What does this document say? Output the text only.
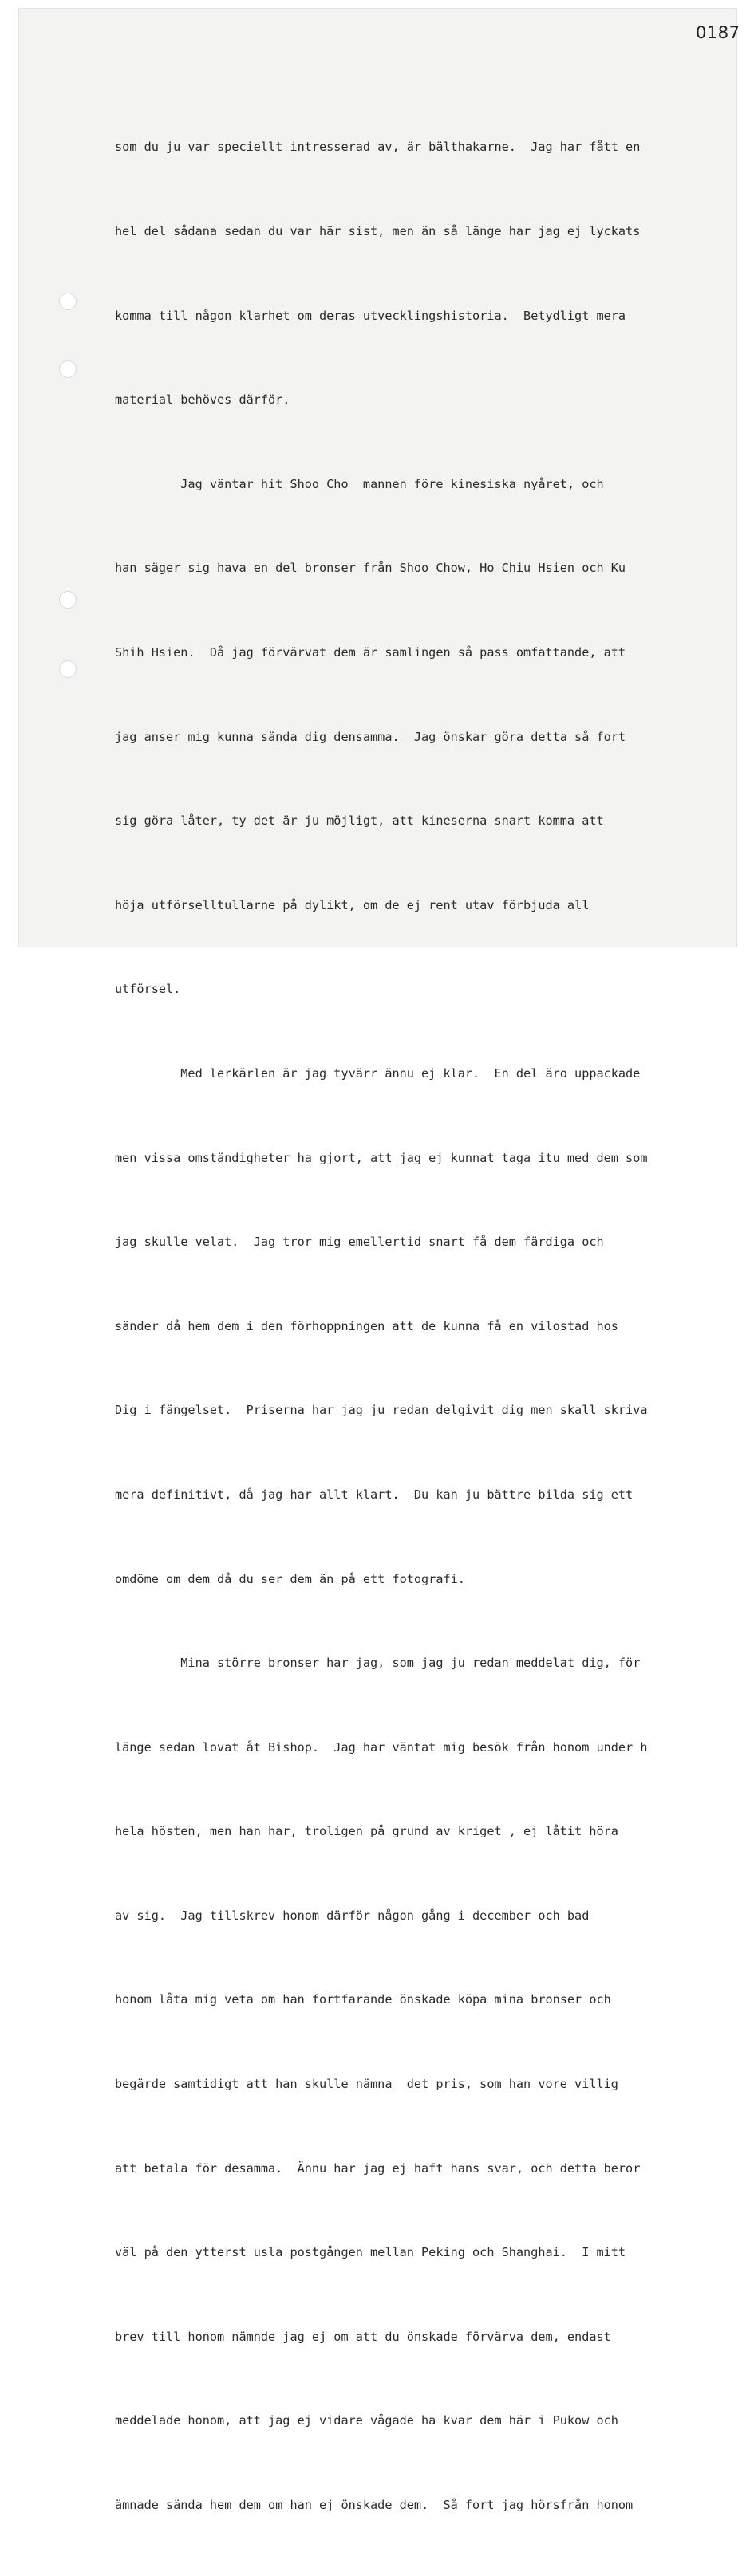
0187

som du ju var speciellt intresserad av, är bälthakarne.  Jag har fått en

hel del sådana sedan du var här sist, men än så länge har jag ej lyckats

komma till någon klarhet om deras utvecklingshistoria.  Betydligt mera

material behöves därför.

Jag väntar hit Shoo Cho  mannen före kinesiska nyåret, och

han säger sig hava en del bronser från Shoo Chow, Ho Chiu Hsien och Ku

Shih Hsien.  Då jag förvärvat dem är samlingen så pass omfattande, att

jag anser mig kunna sända dig densamma.  Jag önskar göra detta så fort

sig göra låter, ty det är ju möjligt, att kineserna snart komma att

höja utförselltullarne på dylikt, om de ej rent utav förbjuda all

utförsel.

Med lerkärlen är jag tyvärr ännu ej klar.  En del äro uppackade

men vissa omständigheter ha gjort, att jag ej kunnat taga itu med dem som

jag skulle velat.  Jag tror mig emellertid snart få dem färdiga och

sänder då hem dem i den förhoppningen att de kunna få en vilostad hos

Dig i fängelset.  Priserna har jag ju redan delgivit dig men skall skriva

mera definitivt, då jag har allt klart.  Du kan ju bättre bilda sig ett

omdöme om dem då du ser dem än på ett fotografi.

Mina större bronser har jag, som jag ju redan meddelat dig, för

länge sedan lovat åt Bishop.  Jag har väntat mig besök från honom under h

hela hösten, men han har, troligen på grund av kriget , ej låtit höra

av sig.  Jag tillskrev honom därför någon gång i december och bad

honom låta mig veta om han fortfarande önskade köpa mina bronser och

begärde samtidigt att han skulle nämna  det pris, som han vore villig

att betala för desamma.  Ännu har jag ej haft hans svar, och detta beror

väl på den ytterst usla postgången mellan Peking och Shanghai.  I mitt

brev till honom nämnde jag ej om att du önskade förvärva dem, endast

meddelade honom, att jag ej vidare vågade ha kvar dem här i Pukow och

ämnade sända hem dem om han ej önskade dem.  Så fort jag hörsfrån honom
